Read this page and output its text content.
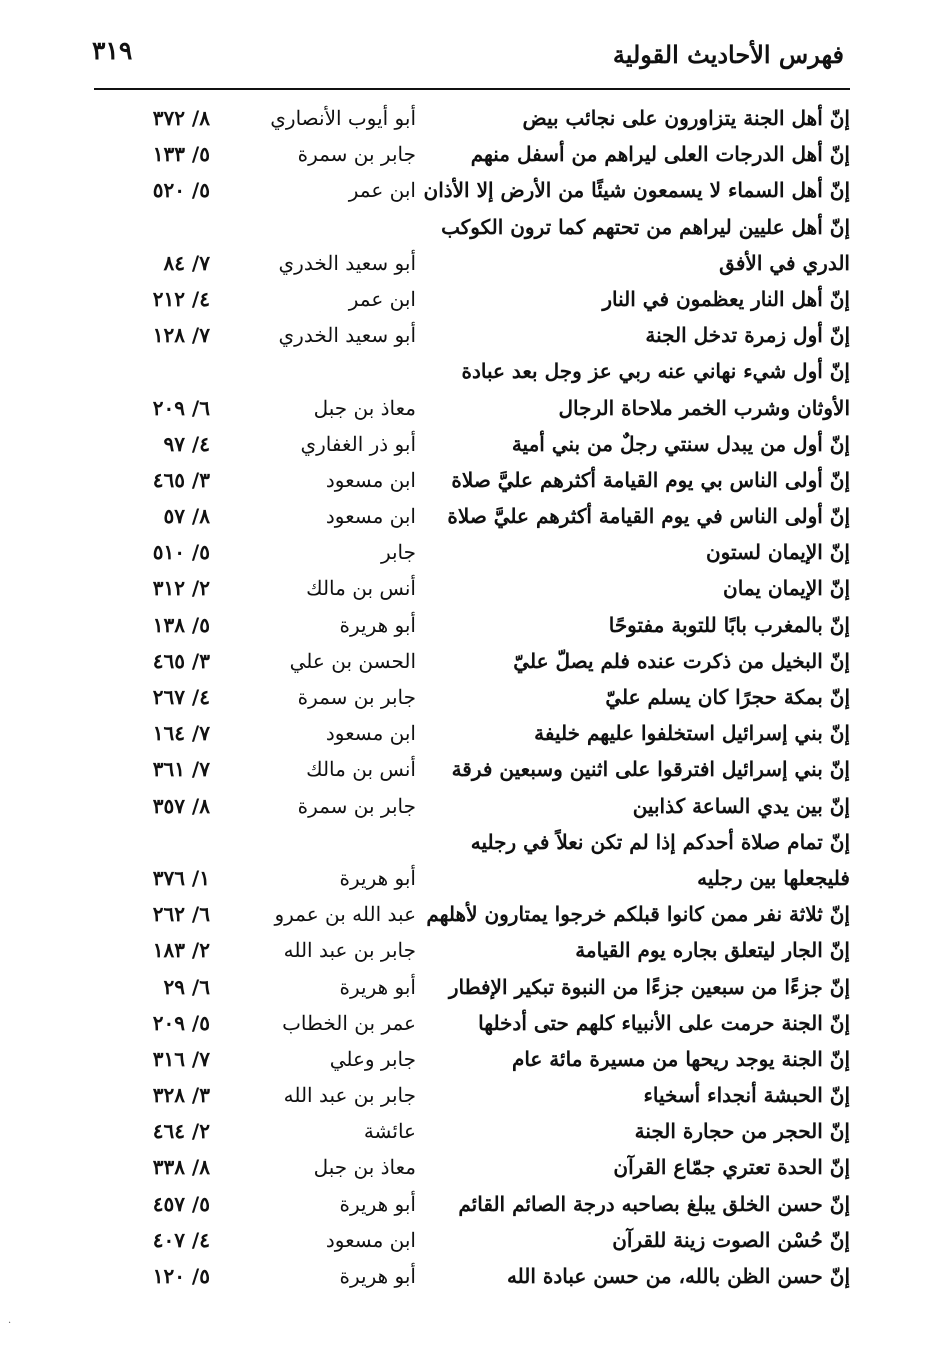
فهرس الأحاديث القولية
٣١٩
إنّ أهل الجنة يتزاورون على نجائب بيض
أبو أيوب الأنصاري
٨/ ٣٧٢
إنّ أهل الدرجات العلى ليراهم من أسفل منهم
جابر بن سمرة
٥/ ١٣٣
إنّ أهل السماء لا يسمعون شيئًا من الأرض إلا الأذان
ابن عمر
٥/ ٥٢٠
إنّ أهل عليين ليراهم من تحتهم كما ترون الكوكب
الدري في الأفق
أبو سعيد الخدري
٧/ ٨٤
إنّ أهل النار يعظمون في النار
ابن عمر
٤/ ٢١٢
إنّ أول زمرة تدخل الجنة
أبو سعيد الخدري
٧/ ١٢٨
إنّ أول شيء نهاني عنه ربي عز وجل بعد عبادة
الأوثان وشرب الخمر ملاحاة الرجال
معاذ بن جبل
٦/ ٢٠٩
إنّ أول من يبدل سنتي رجلٌ من بني أمية
أبو ذر الغفاري
٤/ ٩٧
إنّ أولى الناس بي يوم القيامة أكثرهم عليَّ صلاة
ابن مسعود
٣/ ٤٦٥
إنّ أولى الناس في يوم القيامة أكثرهم عليَّ صلاة
ابن مسعود
٨/ ٥٧
إنّ الإيمان لستون
جابر
٥/ ٥١٠
إنّ الإيمان يمان
أنس بن مالك
٢/ ٣١٢
إنّ بالمغرب بابًا للتوبة مفتوحًا
أبو هريرة
٥/ ١٣٨
إنّ البخيل من ذكرت عنده فلم يصلّ عليّ
الحسن بن علي
٣/ ٤٦٥
إنّ بمكة حجرًا كان يسلم عليّ
جابر بن سمرة
٤/ ٢٦٧
إنّ بني إسرائيل استخلفوا عليهم خليفة
ابن مسعود
٧/ ١٦٤
إنّ بني إسرائيل افترقوا على اثنين وسبعين فرقة
أنس بن مالك
٧/ ٣٦١
إنّ بين يدي الساعة كذابين
جابر بن سمرة
٨/ ٣٥٧
إنّ تمام صلاة أحدكم إذا لم تكن نعلاً في رجليه
فليجعلها بين رجليه
أبو هريرة
١/ ٣٧٦
إنّ ثلاثة نفر ممن كانوا قبلكم خرجوا يمتارون لأهلهم
عبد الله بن عمرو
٦/ ٢٦٢
إنّ الجار ليتعلق بجاره يوم القيامة
جابر بن عبد الله
٢/ ١٨٣
إنّ جزءًا من سبعين جزءًا من النبوة تبكير الإفطار
أبو هريرة
٦/ ٢٩
إنّ الجنة حرمت على الأنبياء كلهم حتى أدخلها
عمر بن الخطاب
٥/ ٢٠٩
إنّ الجنة يوجد ريحها من مسيرة مائة عام
جابر وعلي
٧/ ٣١٦
إنّ الحبشة أنجداء أسخياء
جابر بن عبد الله
٣/ ٣٢٨
إنّ الحجر من حجارة الجنة
عائشة
٢/ ٤٦٤
إنّ الحدة تعتري جمّاع القرآن
معاذ بن جبل
٨/ ٣٣٨
إنّ حسن الخلق يبلغ بصاحبه درجة الصائم القائم
أبو هريرة
٥/ ٤٥٧
إنّ حُسْن الصوت زينة للقرآن
ابن مسعود
٤/ ٤٠٧
إنّ حسن الظن بالله، من حسن عبادة الله
أبو هريرة
٥/ ١٢٠
·
